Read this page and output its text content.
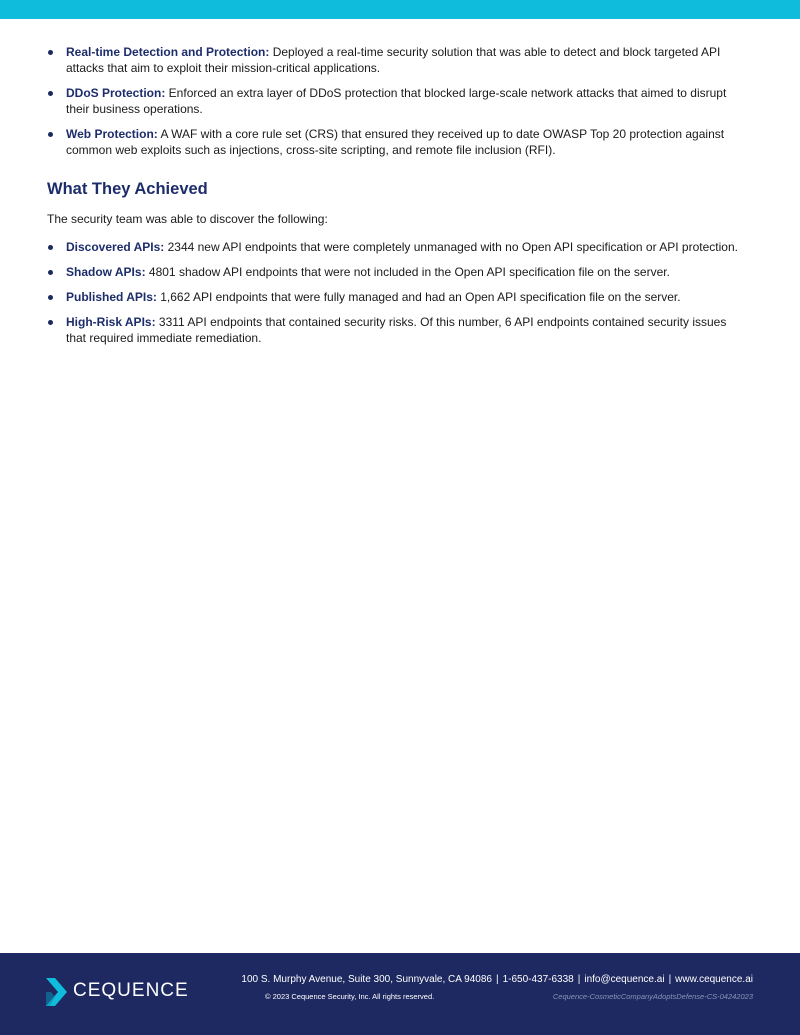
Real-time Detection and Protection: Deployed a real-time security solution that was able to detect and block targeted API attacks that aim to exploit their mission-critical applications.
DDoS Protection: Enforced an extra layer of DDoS protection that blocked large-scale network attacks that aimed to disrupt their business operations.
Web Protection: A WAF with a core rule set (CRS) that ensured they received up to date OWASP Top 20 protection against common web exploits such as injections, cross-site scripting, and remote file inclusion (RFI).
What They Achieved

The security team was able to discover the following:

Discovered APIs: 2344 new API endpoints that were completely unmanaged with no Open API specification or API protection.
Shadow APIs: 4801 shadow API endpoints that were not included in the Open API specification file on the server.
Published APIs: 1,662 API endpoints that were fully managed and had an Open API specification file on the server.
High-Risk APIs: 3311 API endpoints that contained security risks. Of this number, 6 API endpoints contained security issues that required immediate remediation.
CEQUENCE
100 S. Murphy Avenue, Suite 300, Sunnyvale, CA 94086 | 1-650-437-6338 | info@cequence.ai | www.cequence.ai
© 2023 Cequence Security, Inc. All rights reserved.	Cequence-CosmeticCompanyAdoptsDefense-CS-04242023
